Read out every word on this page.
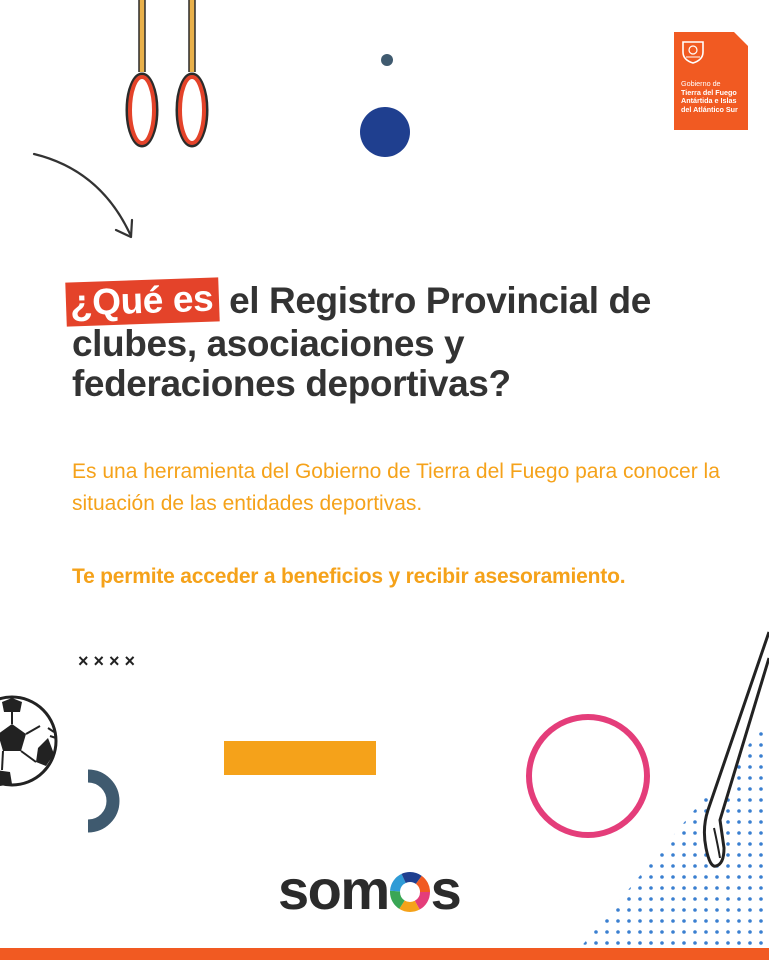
Gobierno de
Tierra del Fuego
Antártida e Islas
del Atlántico Sur
¿Qué es el Registro Provincial de
clubes, asociaciones y
federaciones deportivas?
Es una herramienta del Gobierno de Tierra del Fuego para conocer la situación de las entidades deportivas.
Te permite acceder a beneficios y recibir asesoramiento.
××××
som s
